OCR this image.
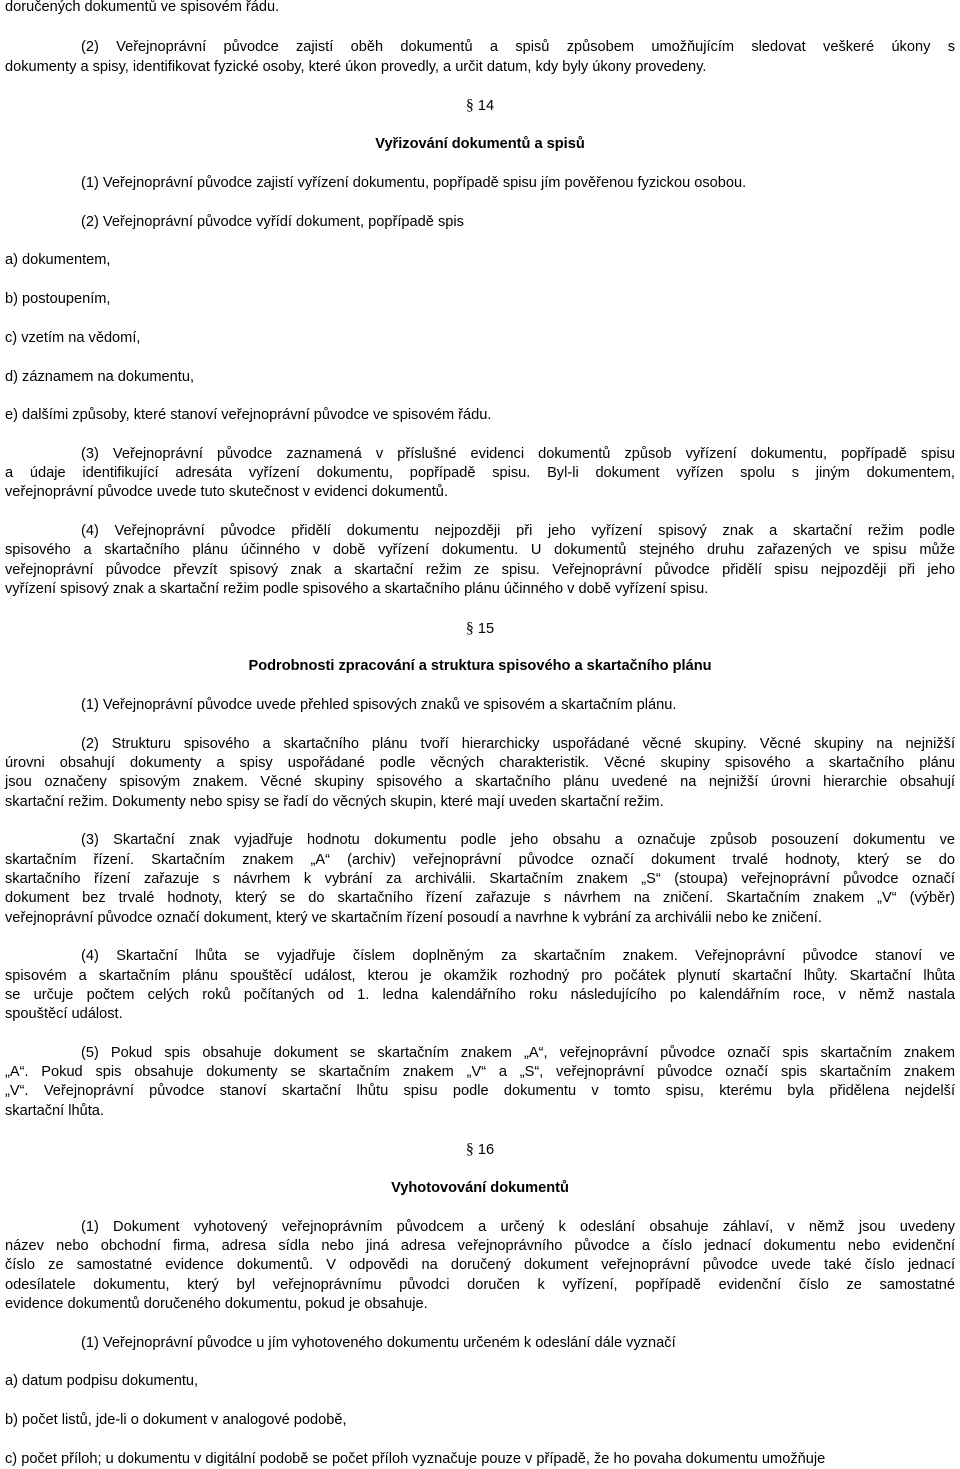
doručených dokumentů ve spisovém řádu.
(2) Veřejnoprávní původce zajistí oběh dokumentů a spisů způsobem umožňujícím sledovat veškeré úkony s
dokumenty a spisy, identifikovat fyzické osoby, které úkon provedly, a určit datum, kdy byly úkony provedeny.
§ 14
Vyřizování dokumentů a spisů
(1) Veřejnoprávní původce zajistí vyřízení dokumentu, popřípadě spisu jím pověřenou fyzickou osobou.
(2) Veřejnoprávní původce vyřídí dokument, popřípadě spis
a) dokumentem,
b) postoupením,
c) vzetím na vědomí,
d) záznamem na dokumentu,
e) dalšími způsoby, které stanoví veřejnoprávní původce ve spisovém řádu.
(3) Veřejnoprávní původce zaznamená v příslušné evidenci dokumentů způsob vyřízení dokumentu, popřípadě spisu
a údaje identifikující adresáta vyřízení dokumentu, popřípadě spisu. Byl-li dokument vyřízen spolu s jiným dokumentem,
veřejnoprávní původce uvede tuto skutečnost v evidenci dokumentů.
(4) Veřejnoprávní původce přidělí dokumentu nejpozději při jeho vyřízení spisový znak a skartační režim podle
spisového a skartačního plánu účinného v době vyřízení dokumentu. U dokumentů stejného druhu zařazených ve spisu může
veřejnoprávní původce převzít spisový znak a skartační režim ze spisu. Veřejnoprávní původce přidělí spisu nejpozději při jeho
vyřízení spisový znak a skartační režim podle spisového a skartačního plánu účinného v době vyřízení spisu.
§ 15
Podrobnosti zpracování a struktura spisového a skartačního plánu
(1) Veřejnoprávní původce uvede přehled spisových znaků ve spisovém a skartačním plánu.
(2) Strukturu spisového a skartačního plánu tvoří hierarchicky uspořádané věcné skupiny. Věcné skupiny na nejnižší
úrovni obsahují dokumenty a spisy uspořádané podle věcných charakteristik. Věcné skupiny spisového a skartačního plánu
jsou označeny spisovým znakem. Věcné skupiny spisového a skartačního plánu uvedené na nejnižší úrovni hierarchie obsahují
skartační režim. Dokumenty nebo spisy se řadí do věcných skupin, které mají uveden skartační režim.
(3) Skartační znak vyjadřuje hodnotu dokumentu podle jeho obsahu a označuje způsob posouzení dokumentu ve
skartačním řízení. Skartačním znakem „A“ (archiv) veřejnoprávní původce označí dokument trvalé hodnoty, který se do
skartačního řízení zařazuje s návrhem k vybrání za archiválii. Skartačním znakem „S“ (stoupa) veřejnoprávní původce označí
dokument bez trvalé hodnoty, který se do skartačního řízení zařazuje s návrhem na zničení. Skartačním znakem „V“ (výběr)
veřejnoprávní původce označí dokument, který ve skartačním řízení posoudí a navrhne k vybrání za archiválii nebo ke zničení.
(4) Skartační lhůta se vyjadřuje číslem doplněným za skartačním znakem. Veřejnoprávní původce stanoví ve
spisovém a skartačním plánu spouštěcí událost, kterou je okamžik rozhodný pro počátek plynutí skartační lhůty. Skartační lhůta
se určuje počtem celých roků počítaných od 1. ledna kalendářního roku následujícího po kalendářním roce, v němž nastala
spouštěcí událost.
(5) Pokud spis obsahuje dokument se skartačním znakem „A“, veřejnoprávní původce označí spis skartačním znakem
„A“. Pokud spis obsahuje dokumenty se skartačním znakem „V“ a „S“, veřejnoprávní původce označí spis skartačním znakem
„V“. Veřejnoprávní původce stanoví skartační lhůtu spisu podle dokumentu v tomto spisu, kterému byla přidělena nejdelší
skartační lhůta.
§ 16
Vyhotovování dokumentů
(1) Dokument vyhotovený veřejnoprávním původcem a určený k odeslání obsahuje záhlaví, v němž jsou uvedeny
název nebo obchodní firma, adresa sídla nebo jiná adresa veřejnoprávního původce a číslo jednací dokumentu nebo evidenční
číslo ze samostatné evidence dokumentů. V odpovědi na doručený dokument veřejnoprávní původce uvede také číslo jednací
odesílatele dokumentu, který byl veřejnoprávnímu původci doručen k vyřízení, popřípadě evidenční číslo ze samostatné
evidence dokumentů doručeného dokumentu, pokud je obsahuje.
(1) Veřejnoprávní původce u jím vyhotoveného dokumentu určeném k odeslání dále vyznačí
a) datum podpisu dokumentu,
b) počet listů, jde-li o dokument v analogové podobě,
c) počet příloh; u dokumentu v digitální podobě se počet příloh vyznačuje pouze v případě, že ho povaha dokumentu umožňuje
